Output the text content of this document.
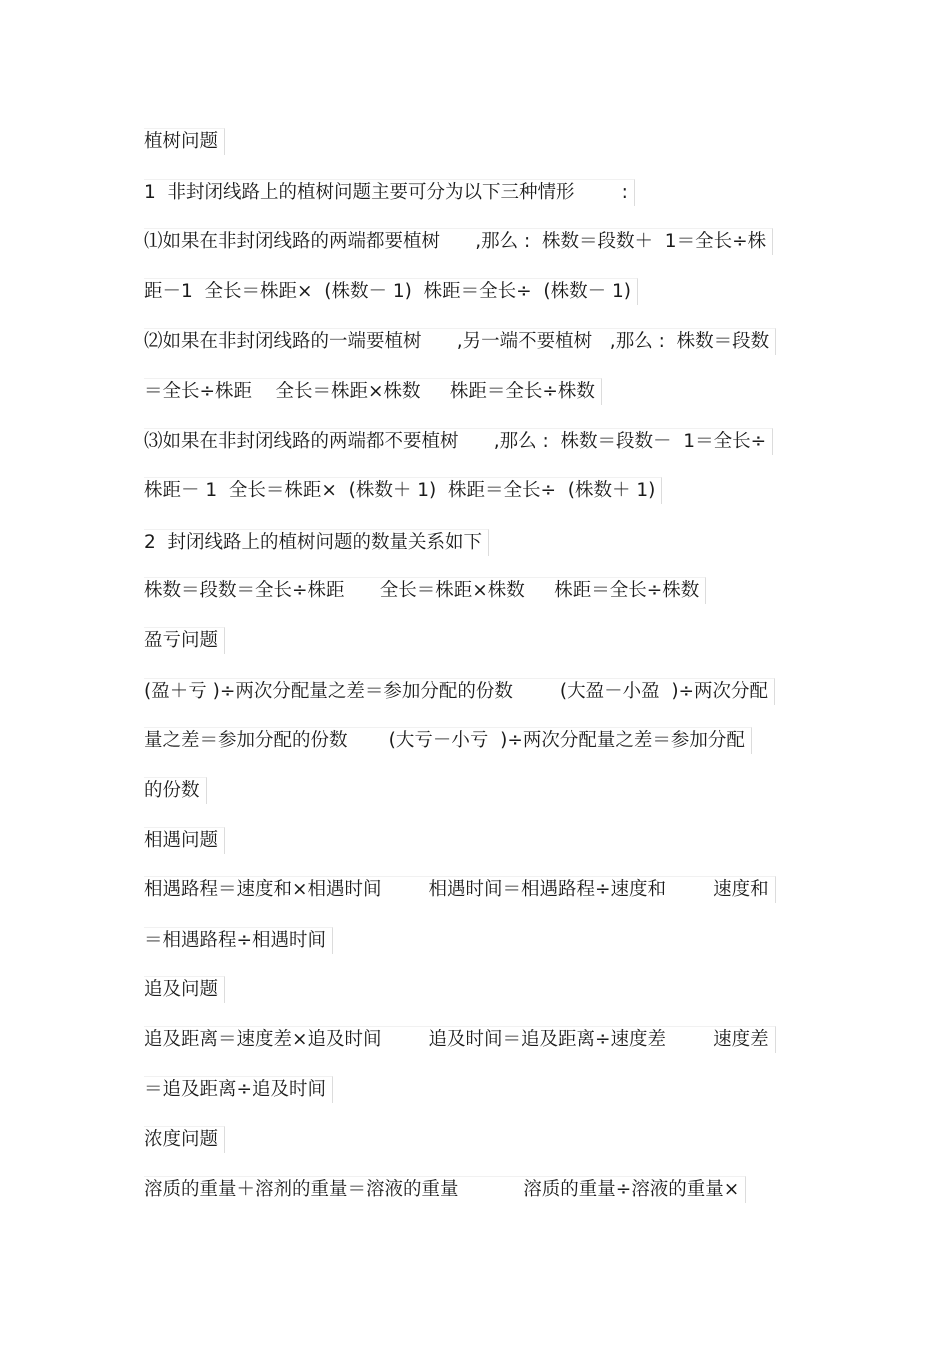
植树问题
1  非封闭线路上的植树问题主要可分为以下三种情形        :
⑴如果在非封闭线路的两端都要植树      ,那么 :  株数＝段数＋  1＝全长÷株
距－1  全长＝株距×  (株数－ 1)  株距＝全长÷  (株数－ 1)
⑵如果在非封闭线路的一端要植树      ,另一端不要植树   ,那么 :  株数＝段数
＝全长÷株距    全长＝株距×株数     株距＝全长÷株数
⑶如果在非封闭线路的两端都不要植树      ,那么 :  株数＝段数－  1＝全长÷
株距－ 1  全长＝株距×  (株数＋ 1)  株距＝全长÷  (株数＋ 1)
2  封闭线路上的植树问题的数量关系如下
株数＝段数＝全长÷株距      全长＝株距×株数     株距＝全长÷株数
盈亏问题
(盈＋亏 )÷两次分配量之差＝参加分配的份数        (大盈－小盈  )÷两次分配
量之差＝参加分配的份数       (大亏－小亏  )÷两次分配量之差＝参加分配
的份数
相遇问题
相遇路程＝速度和×相遇时间        相遇时间＝相遇路程÷速度和        速度和
＝相遇路程÷相遇时间
追及问题
追及距离＝速度差×追及时间        追及时间＝追及距离÷速度差        速度差
＝追及距离÷追及时间
浓度问题
溶质的重量＋溶剂的重量＝溶液的重量           溶质的重量÷溶液的重量×
